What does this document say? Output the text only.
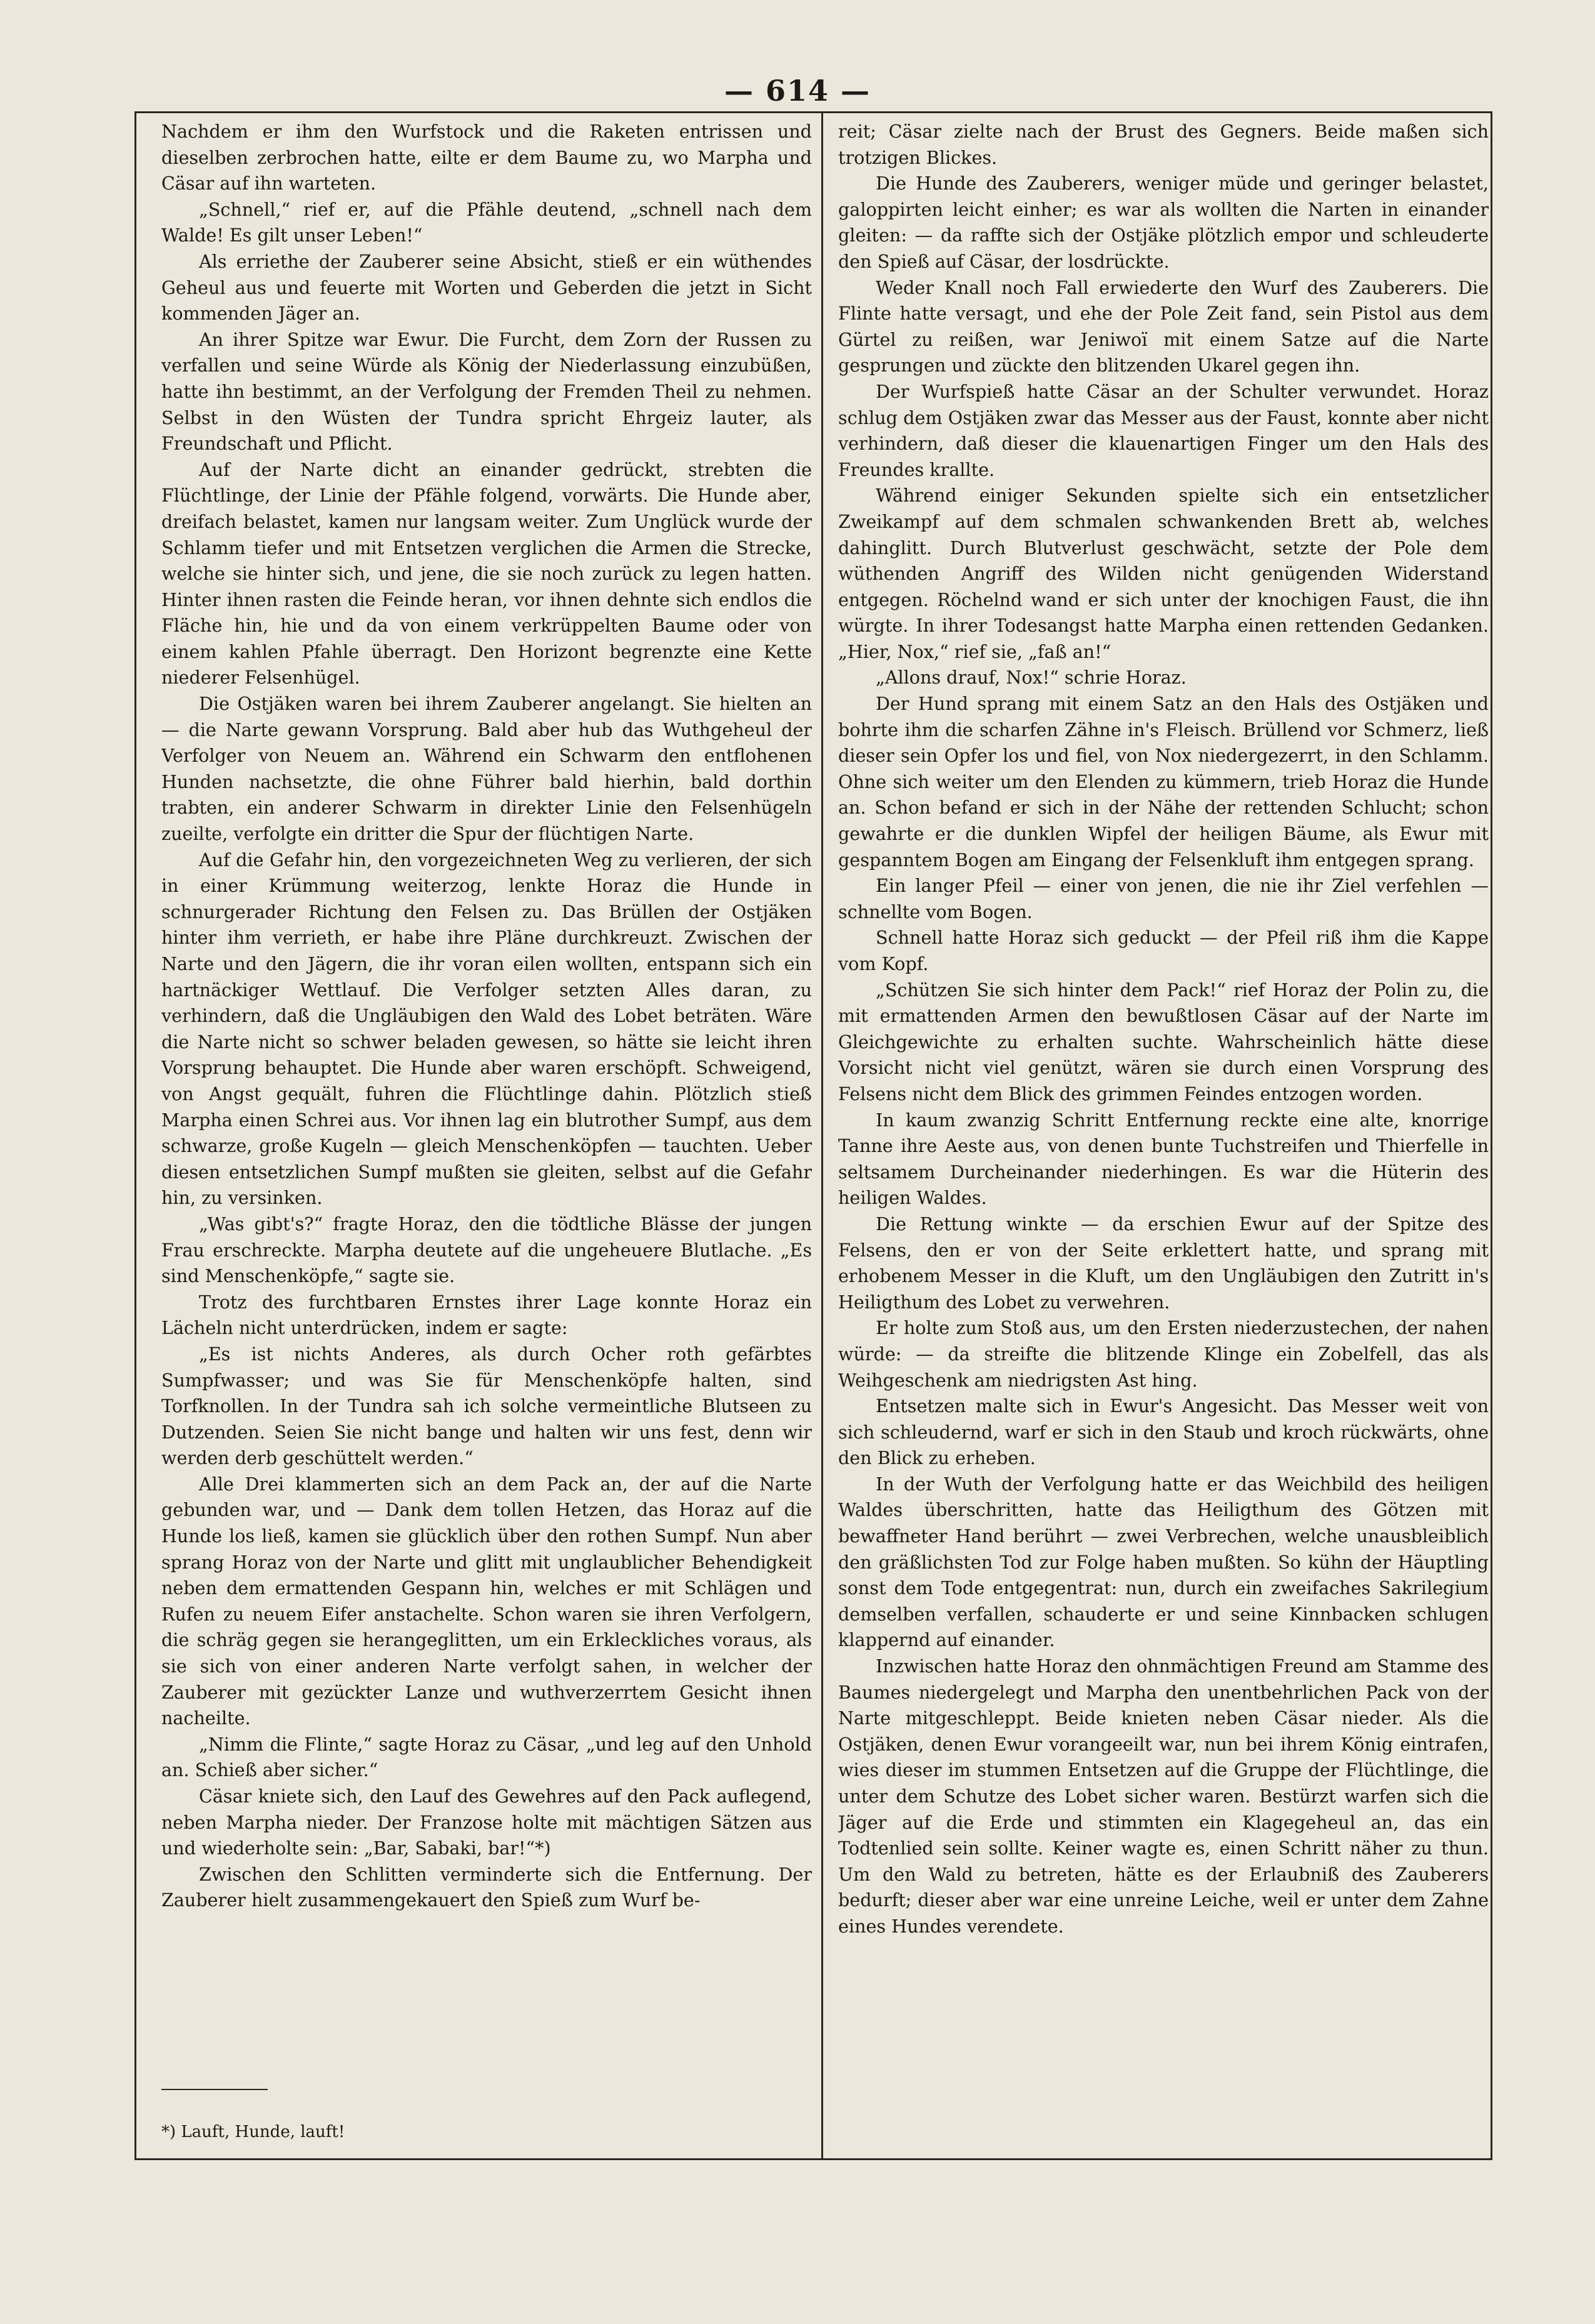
— 614 —

Nachdem er ihm den Wurfstock und die Raketen entrissen und dieselben zerbrochen hatte, eilte er dem Baume zu, wo Marpha und Cäsar auf ihn warteten.

„Schnell,“ rief er, auf die Pfähle deutend, „schnell nach dem Walde! Es gilt unser Leben!“

Als erriethe der Zauberer seine Absicht, stieß er ein wüthendes Geheul aus und feuerte mit Worten und Geberden die jetzt in Sicht kommenden Jäger an.

An ihrer Spitze war Ewur. Die Furcht, dem Zorn der Russen zu verfallen und seine Würde als König der Niederlassung einzubüßen, hatte ihn bestimmt, an der Verfolgung der Fremden Theil zu nehmen. Selbst in den Wüsten der Tundra spricht Ehrgeiz lauter, als Freundschaft und Pflicht.

Auf der Narte dicht an einander gedrückt, strebten die Flüchtlinge, der Linie der Pfähle folgend, vorwärts. Die Hunde aber, dreifach belastet, kamen nur langsam weiter. Zum Unglück wurde der Schlamm tiefer und mit Entsetzen verglichen die Armen die Strecke, welche sie hinter sich, und jene, die sie noch zurück zu legen hatten. Hinter ihnen rasten die Feinde heran, vor ihnen dehnte sich endlos die Fläche hin, hie und da von einem verkrüppelten Baume oder von einem kahlen Pfahle überragt. Den Horizont begrenzte eine Kette niederer Felsenhügel.

Die Ostjäken waren bei ihrem Zauberer angelangt. Sie hielten an — die Narte gewann Vorsprung. Bald aber hub das Wuthgeheul der Verfolger von Neuem an. Während ein Schwarm den entflohenen Hunden nachsetzte, die ohne Führer bald hierhin, bald dorthin trabten, ein anderer Schwarm in direkter Linie den Felsenhügeln zueilte, verfolgte ein dritter die Spur der flüchtigen Narte.

Auf die Gefahr hin, den vorgezeichneten Weg zu verlieren, der sich in einer Krümmung weiterzog, lenkte Horaz die Hunde in schnurgerader Richtung den Felsen zu. Das Brüllen der Ostjäken hinter ihm verrieth, er habe ihre Pläne durchkreuzt. Zwischen der Narte und den Jägern, die ihr voran eilen wollten, entspann sich ein hartnäckiger Wettlauf. Die Verfolger setzten Alles daran, zu verhindern, daß die Ungläubigen den Wald des Lobet beträten. Wäre die Narte nicht so schwer beladen gewesen, so hätte sie leicht ihren Vorsprung behauptet. Die Hunde aber waren erschöpft. Schweigend, von Angst gequält, fuhren die Flüchtlinge dahin. Plötzlich stieß Marpha einen Schrei aus. Vor ihnen lag ein blutrother Sumpf, aus dem schwarze, große Kugeln — gleich Menschenköpfen — tauchten. Ueber diesen entsetzlichen Sumpf mußten sie gleiten, selbst auf die Gefahr hin, zu versinken.

„Was gibt's?“ fragte Horaz, den die tödtliche Blässe der jungen Frau erschreckte. Marpha deutete auf die ungeheuere Blutlache. „Es sind Menschenköpfe,“ sagte sie.

Trotz des furchtbaren Ernstes ihrer Lage konnte Horaz ein Lächeln nicht unterdrücken, indem er sagte:

„Es ist nichts Anderes, als durch Ocher roth gefärbtes Sumpfwasser; und was Sie für Menschenköpfe halten, sind Torfknollen. In der Tundra sah ich solche vermeintliche Blutseen zu Dutzenden. Seien Sie nicht bange und halten wir uns fest, denn wir werden derb geschüttelt werden.“

Alle Drei klammerten sich an dem Pack an, der auf die Narte gebunden war, und — Dank dem tollen Hetzen, das Horaz auf die Hunde los ließ, kamen sie glücklich über den rothen Sumpf. Nun aber sprang Horaz von der Narte und glitt mit unglaublicher Behendigkeit neben dem ermattenden Gespann hin, welches er mit Schlägen und Rufen zu neuem Eifer anstachelte. Schon waren sie ihren Verfolgern, die schräg gegen sie herangeglitten, um ein Erkleckliches voraus, als sie sich von einer anderen Narte verfolgt sahen, in welcher der Zauberer mit gezückter Lanze und wuthverzerrtem Gesicht ihnen nacheilte.

„Nimm die Flinte,“ sagte Horaz zu Cäsar, „und leg auf den Unhold an. Schieß aber sicher.“

Cäsar kniete sich, den Lauf des Gewehres auf den Pack auflegend, neben Marpha nieder. Der Franzose holte mit mächtigen Sätzen aus und wiederholte sein: „Bar, Sabaki, bar!“*)

Zwischen den Schlitten verminderte sich die Entfernung. Der Zauberer hielt zusammengekauert den Spieß zum Wurf be-

reit; Cäsar zielte nach der Brust des Gegners. Beide maßen sich trotzigen Blickes.

Die Hunde des Zauberers, weniger müde und geringer belastet, galoppirten leicht einher; es war als wollten die Narten in einander gleiten: — da raffte sich der Ostjäke plötzlich empor und schleuderte den Spieß auf Cäsar, der losdrückte.

Weder Knall noch Fall erwiederte den Wurf des Zauberers. Die Flinte hatte versagt, und ehe der Pole Zeit fand, sein Pistol aus dem Gürtel zu reißen, war Jeniwoï mit einem Satze auf die Narte gesprungen und zückte den blitzenden Ukarel gegen ihn.

Der Wurfspieß hatte Cäsar an der Schulter verwundet. Horaz schlug dem Ostjäken zwar das Messer aus der Faust, konnte aber nicht verhindern, daß dieser die klauenartigen Finger um den Hals des Freundes krallte.

Während einiger Sekunden spielte sich ein entsetzlicher Zweikampf auf dem schmalen schwankenden Brett ab, welches dahinglitt. Durch Blutverlust geschwächt, setzte der Pole dem wüthenden Angriff des Wilden nicht genügenden Widerstand entgegen. Röchelnd wand er sich unter der knochigen Faust, die ihn würgte. In ihrer Todesangst hatte Marpha einen rettenden Gedanken. „Hier, Nox,“ rief sie, „faß an!“

„Allons drauf, Nox!“ schrie Horaz.

Der Hund sprang mit einem Satz an den Hals des Ostjäken und bohrte ihm die scharfen Zähne in's Fleisch. Brüllend vor Schmerz, ließ dieser sein Opfer los und fiel, von Nox niedergezerrt, in den Schlamm. Ohne sich weiter um den Elenden zu kümmern, trieb Horaz die Hunde an. Schon befand er sich in der Nähe der rettenden Schlucht; schon gewahrte er die dunklen Wipfel der heiligen Bäume, als Ewur mit gespanntem Bogen am Eingang der Felsenkluft ihm entgegen sprang.

Ein langer Pfeil — einer von jenen, die nie ihr Ziel verfehlen — schnellte vom Bogen.

Schnell hatte Horaz sich geduckt — der Pfeil riß ihm die Kappe vom Kopf.

„Schützen Sie sich hinter dem Pack!“ rief Horaz der Polin zu, die mit ermattenden Armen den bewußtlosen Cäsar auf der Narte im Gleichgewichte zu erhalten suchte. Wahrscheinlich hätte diese Vorsicht nicht viel genützt, wären sie durch einen Vorsprung des Felsens nicht dem Blick des grimmen Feindes entzogen worden.

In kaum zwanzig Schritt Entfernung reckte eine alte, knorrige Tanne ihre Aeste aus, von denen bunte Tuchstreifen und Thierfelle in seltsamem Durcheinander niederhingen. Es war die Hüterin des heiligen Waldes.

Die Rettung winkte — da erschien Ewur auf der Spitze des Felsens, den er von der Seite erklettert hatte, und sprang mit erhobenem Messer in die Kluft, um den Ungläubigen den Zutritt in's Heiligthum des Lobet zu verwehren.

Er holte zum Stoß aus, um den Ersten niederzustechen, der nahen würde: — da streifte die blitzende Klinge ein Zobelfell, das als Weihgeschenk am niedrigsten Ast hing.

Entsetzen malte sich in Ewur's Angesicht. Das Messer weit von sich schleudernd, warf er sich in den Staub und kroch rückwärts, ohne den Blick zu erheben.

In der Wuth der Verfolgung hatte er das Weichbild des heiligen Waldes überschritten, hatte das Heiligthum des Götzen mit bewaffneter Hand berührt — zwei Verbrechen, welche unausbleiblich den gräßlichsten Tod zur Folge haben mußten. So kühn der Häuptling sonst dem Tode entgegentrat: nun, durch ein zweifaches Sakrilegium demselben verfallen, schauderte er und seine Kinnbacken schlugen klappernd auf einander.

Inzwischen hatte Horaz den ohnmächtigen Freund am Stamme des Baumes niedergelegt und Marpha den unentbehrlichen Pack von der Narte mitgeschleppt. Beide knieten neben Cäsar nieder. Als die Ostjäken, denen Ewur vorangeeilt war, nun bei ihrem König eintrafen, wies dieser im stummen Entsetzen auf die Gruppe der Flüchtlinge, die unter dem Schutze des Lobet sicher waren. Bestürzt warfen sich die Jäger auf die Erde und stimmten ein Klagegeheul an, das ein Todtenlied sein sollte. Keiner wagte es, einen Schritt näher zu thun. Um den Wald zu betreten, hätte es der Erlaubniß des Zauberers bedurft; dieser aber war eine unreine Leiche, weil er unter dem Zahne eines Hundes verendete.

*) Lauft, Hunde, lauft!
